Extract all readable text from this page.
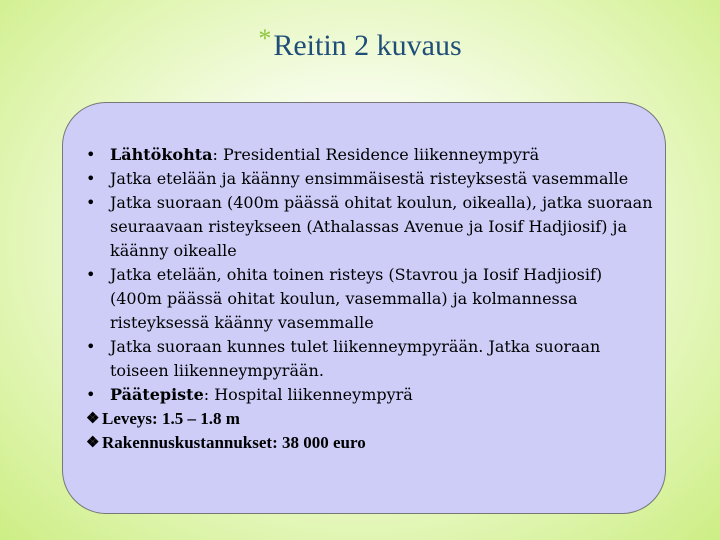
*Reitin 2 kuvaus
• Lähtökohta: Presidential Residence liikenneympyrä
• Jatka etelään ja käänny ensimmäisestä risteyksestä vasemmalle
• Jatka suoraan (400m päässä ohitat koulun, oikealla), jatka suoraan seuraavaan risteykseen (Athalassas Avenue ja Iosif Hadjiosif) ja käänny oikealle
• Jatka etelään, ohita toinen risteys (Stavrou ja Iosif Hadjiosif) (400m päässä ohitat koulun, vasemmalla) ja kolmannessa risteyksessä käänny vasemmalle
• Jatka suoraan kunnes tulet liikenneympyrään. Jatka suoraan toiseen liikenneympyrään.
• Päätepiste: Hospital liikenneympyrä
❖ Leveys: 1.5 – 1.8 m
❖ Rakennuskustannukset: 38 000 euro
